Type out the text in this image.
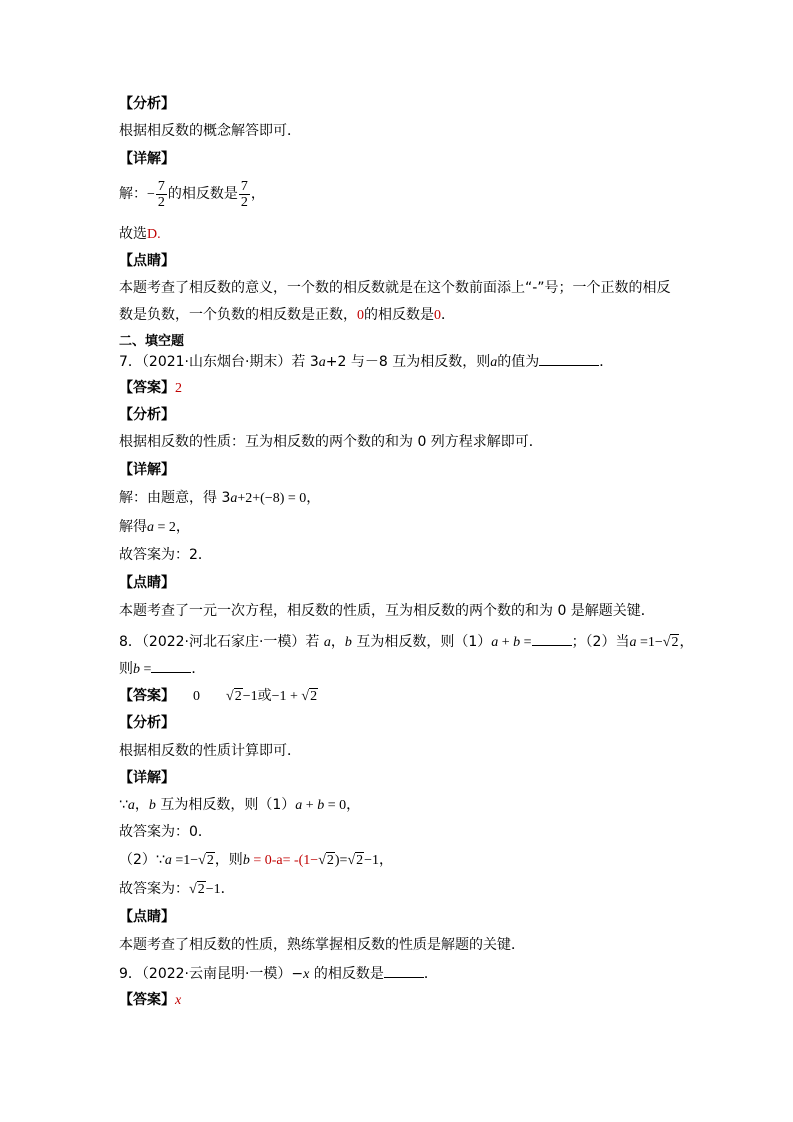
【分析】
根据相反数的概念解答即可．
【详解】
解：− $\frac{7}{2}$ 的相反数是 $\frac{7}{2}$ ，
故选D.
【点睛】
本题考查了相反数的意义，一个数的相反数就是在这个数前面添上“-”号；一个正数的相反
数是负数，一个负数的相反数是正数，0的相反数是0．
二、填空题
7．（2021·山东烟台·期末）若 3a+2 与－8 互为相反数，则a的值为	．
【答案】2
【分析】
根据相反数的性质：互为相反数的两个数的和为 0 列方程求解即可．
【详解】
解：由题意，得 3a+2+(−8) = 0，
解得a = 2，
故答案为：2．
【点睛】
本题考查了一元一次方程，相反数的性质，互为相反数的两个数的和为 0 是解题关键．
8．（2022·河北石家庄·一模）若 a，b 互为相反数，则（1）a + b =	；（2）当a =1−√2，
则b =	．
【答案】 0 √2−1或−1 + √2
【分析】
根据相反数的性质计算即可．
【详解】
∵a，b 互为相反数，则（1）a + b = 0，
故答案为：0．
（2）∵a =1−√2，则b = 0-a= -(1−√2)=√2−1，
故答案为：√2−1．
【点睛】
本题考查了相反数的性质，熟练掌握相反数的性质是解题的关键．
9．（2022·云南昆明·一模）−x 的相反数是	．
【答案】x
